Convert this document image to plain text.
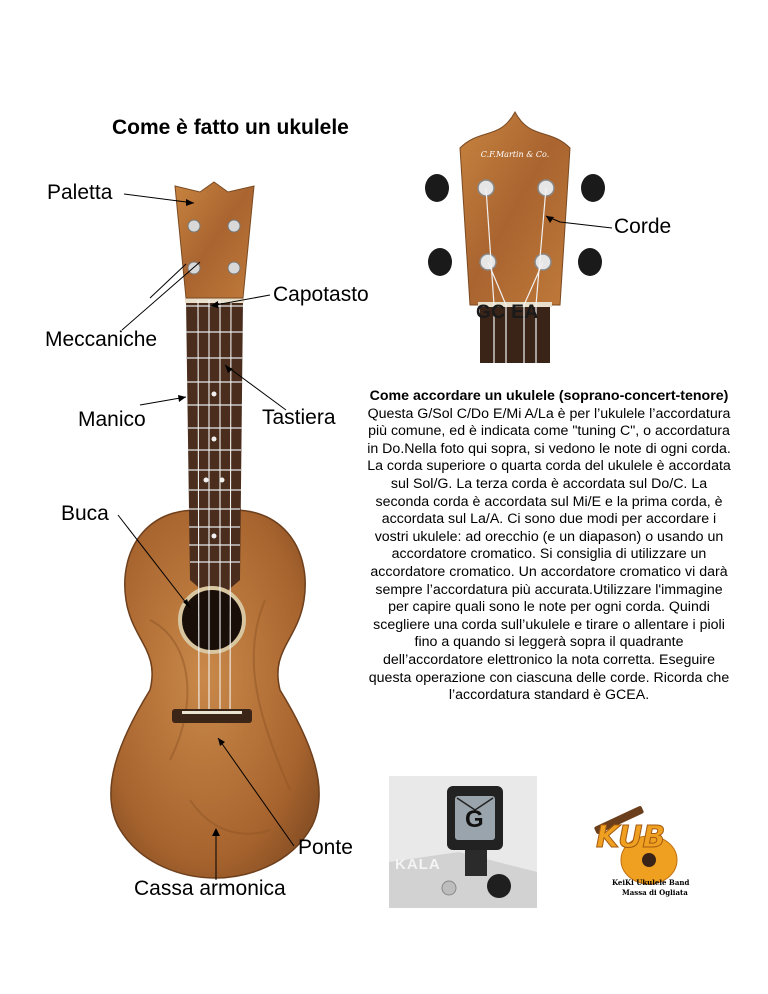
Come è fatto un ukulele
C.F.Martin & Co.
Paletta
Corde
Capotasto
Meccaniche
Manico	Tastiera
Buca
Ponte
Cassa armonica
GC EA
Come accordare un ukulele (soprano-concert-tenore)
Questa G/Sol C/Do E/Mi A/La è per l’ukulele l’accordatura più comune, ed è indicata come "tuning C", o accordatura in Do.Nella foto qui sopra, si vedono le note di ogni corda. La corda superiore o quarta corda del ukulele è accordata sul Sol/G. La terza corda è accordata sul Do/C. La seconda corda è accordata sul Mi/E e la prima corda, è accordata sul La/A. Ci sono due modi per accordare i vostri ukulele: ad orecchio (e un diapason) o usando un accordatore cromatico. Si consiglia di utilizzare un accordatore cromatico. Un accordatore cromatico vi darà sempre l’accordatura più accurata.Utilizzare l'immagine per capire quali sono le note per ogni corda. Quindi scegliere una corda sull’ukulele e tirare o allentare i pioli fino a quando si leggerà sopra il quadrante dell’accordatore elettronico la nota corretta. Eseguire questa operazione con ciascuna delle corde. Ricorda che l’accordatura standard è GCEA.
G
KALA
KUB
KeiKi Ukulele Band
Massa di Ogliata
